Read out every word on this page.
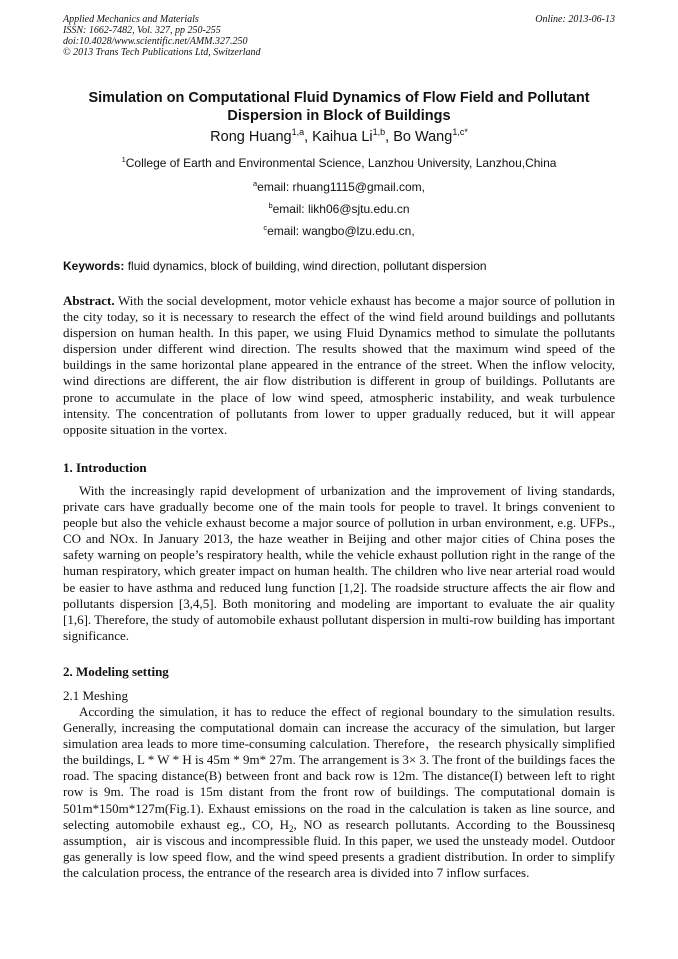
Applied Mechanics and Materials
ISSN: 1662-7482, Vol. 327, pp 250-255
doi:10.4028/www.scientific.net/AMM.327.250
© 2013 Trans Tech Publications Ltd, Switzerland
Online: 2013-06-13
Simulation on Computational Fluid Dynamics of Flow Field and Pollutant
Dispersion in Block of Buildings
Rong Huang$^{1,a}$, Kaihua Li$^{1,b}$, Bo Wang$^{1,c*}$
$^1$College of Earth and Environmental Science, Lanzhou University, Lanzhou,China
$^a$email: rhuang1115@gmail.com,
$^b$email: likh06@sjtu.edu.cn
$^c$email: wangbo@lzu.edu.cn,
Keywords: fluid dynamics, block of building, wind direction, pollutant dispersion
Abstract. With the social development, motor vehicle exhaust has become a major source of pollution in the city today, so it is necessary to research the effect of the wind field around buildings and pollutants dispersion on human health. In this paper, we using Fluid Dynamics method to simulate the pollutants dispersion under different wind direction. The results showed that the maximum wind speed of the buildings in the same horizontal plane appeared in the entrance of the street. When the inflow velocity, wind directions are different, the air flow distribution is different in group of buildings. Pollutants are prone to accumulate in the place of low wind speed, atmospheric instability, and weak turbulence intensity. The concentration of pollutants from lower to upper gradually reduced, but it will appear opposite situation in the vortex.
1. Introduction
With the increasingly rapid development of urbanization and the improvement of living standards, private cars have gradually become one of the main tools for people to travel. It brings convenient to people but also the vehicle exhaust become a major source of pollution in urban environment, e.g. UFPs., CO and NOx. In January 2013, the haze weather in Beijing and other major cities of China poses the safety warning on people’s respiratory health, while the vehicle exhaust pollution right in the range of the human respiratory, which greater impact on human health. The children who live near arterial road would be easier to have asthma and reduced lung function [1,2]. The roadside structure affects the air flow and pollutants dispersion [3,4,5]. Both monitoring and modeling are important to evaluate the air quality [1,6]. Therefore, the study of automobile exhaust pollutant dispersion in multi-row building has important significance.
2. Modeling setting
2.1 Meshing
According the simulation, it has to reduce the effect of regional boundary to the simulation results. Generally, increasing the computational domain can increase the accuracy of the simulation, but larger simulation area leads to more time-consuming calculation. Therefore，the research physically simplified the buildings, L * W * H is 45m * 9m* 27m. The arrangement is 3× 3. The front of the buildings faces the road. The spacing distance(B) between front and back row is 12m. The distance(I) between left to right row is 9m. The road is 15m distant from the front row of buildings. The computational domain is 501m*150m*127m(Fig.1). Exhaust emissions on the road in the calculation is taken as line source, and selecting automobile exhaust eg., CO, $H_2$, NO as research pollutants. According to the Boussinesq assumption，air is viscous and incompressible fluid. In this paper, we used the unsteady model. Outdoor gas generally is low speed flow, and the wind speed presents a gradient distribution. In order to simplify the calculation process, the entrance of the research area is divided into 7 inflow surfaces.
